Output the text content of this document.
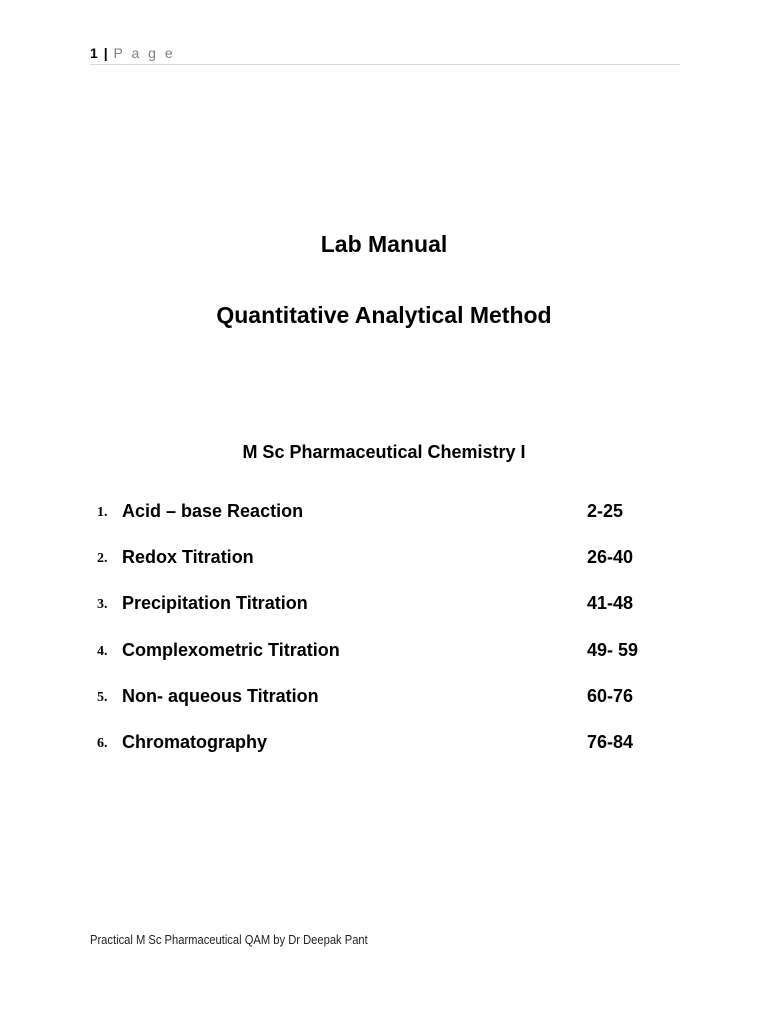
1 | P a g e
Lab Manual
Quantitative Analytical Method
M Sc Pharmaceutical Chemistry I
1. Acid – base Reaction	2-25
2. Redox Titration	26-40
3. Precipitation Titration	41-48
4. Complexometric Titration	49- 59
5. Non- aqueous Titration	60-76
6. Chromatography	76-84
Practical M Sc Pharmaceutical QAM by Dr Deepak Pant
